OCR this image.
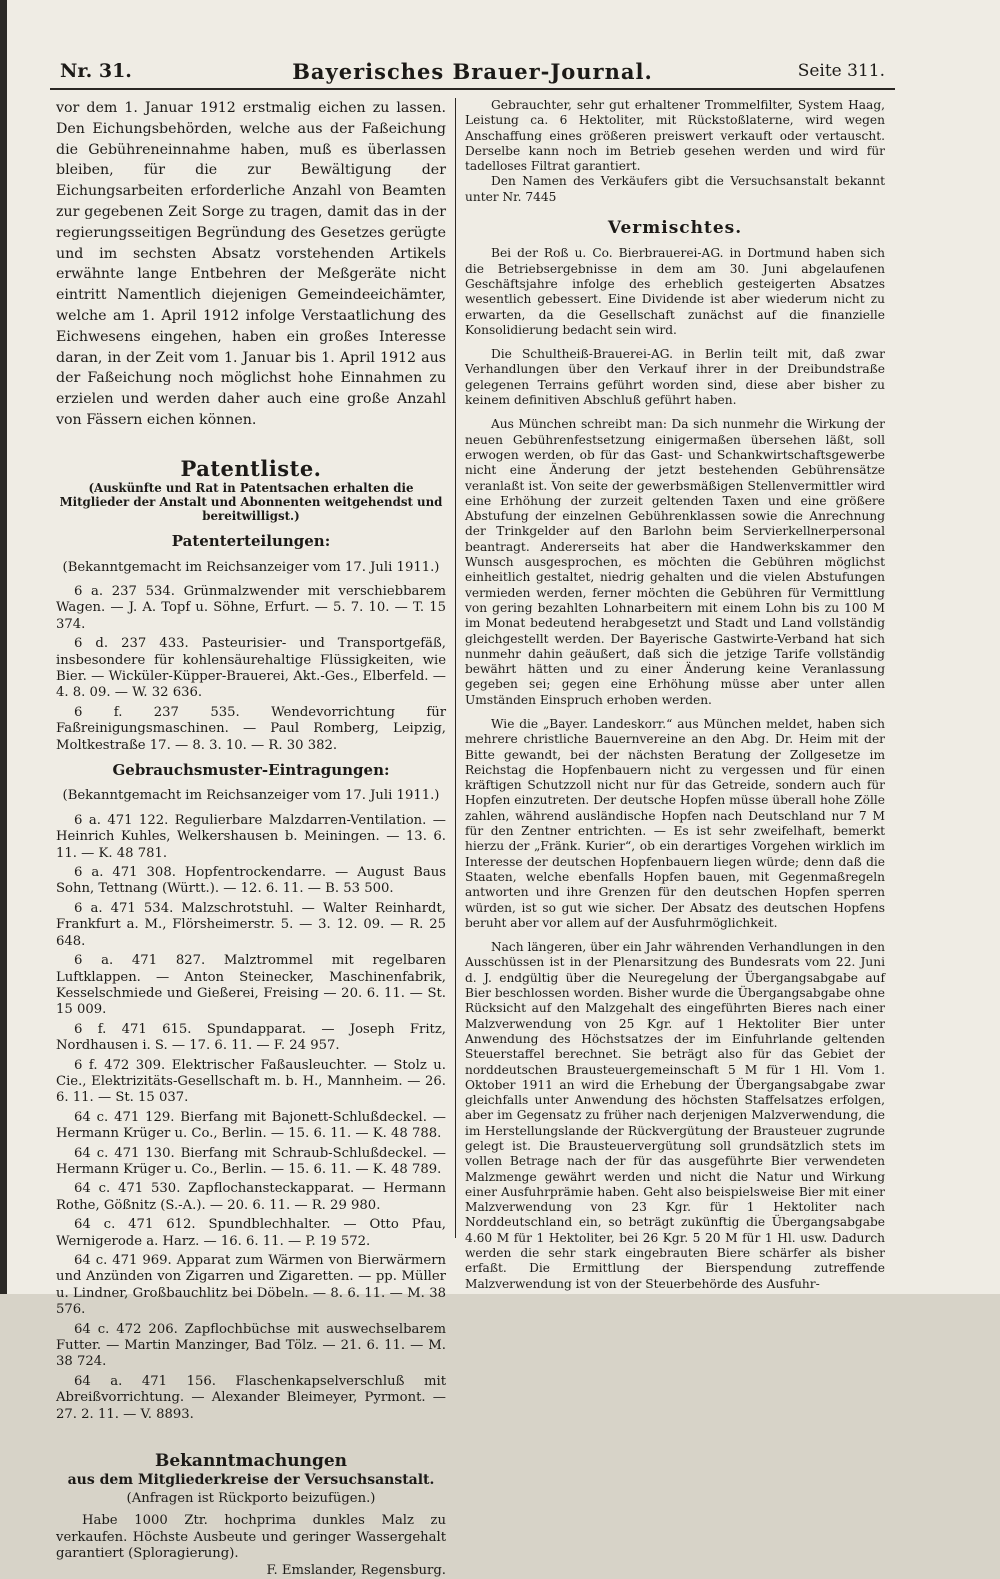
Nr. 31.	Bayerisches Brauer-Journal.	Seite 311.

vor dem 1. Januar 1912 erstmalig eichen zu lassen. Den Eichungsbehörden, welche aus der Faßeichung die Gebühreneinnahme haben, muß es überlassen bleiben, für die zur Bewältigung der Eichungsarbeiten erforderliche Anzahl von Beamten zur gegebenen Zeit Sorge zu tragen, damit das in der regierungsseitigen Begründung des Gesetzes gerügte und im sechsten Absatz vorstehenden Artikels erwähnte lange Entbehren der Meßgeräte nicht eintritt Namentlich diejenigen Gemeindeeichämter, welche am 1. April 1912 infolge Verstaatlichung des Eichwesens eingehen, haben ein großes Interesse daran, in der Zeit vom 1. Januar bis 1. April 1912 aus der Faßeichung noch möglichst hohe Einnahmen zu erzielen und werden daher auch eine große Anzahl von Fässern eichen können.

Patentliste.
(Auskünfte und Rat in Patentsachen erhalten die Mitglieder der Anstalt und Abonnenten weitgehendst und bereitwilligst.)
Patenterteilungen:
(Bekanntgemacht im Reichsanzeiger vom 17. Juli 1911.)

6 a. 237 534. Grünmalzwender mit verschiebbarem Wagen. — J. A. Topf u. Söhne, Erfurt. — 5. 7. 10. — T. 15 374.

6 d. 237 433. Pasteurisier- und Transportgefäß, insbesondere für kohlensäurehaltige Flüssigkeiten, wie Bier. — Wicküler-Küpper-Brauerei, Akt.-Ges., Elberfeld. — 4. 8. 09. — W. 32 636.

6 f. 237 535. Wendevorrichtung für Faßreinigungsmaschinen. — Paul Romberg, Leipzig, Moltkestraße 17. — 8. 3. 10. — R. 30 382.

Gebrauchsmuster-Eintragungen:
(Bekanntgemacht im Reichsanzeiger vom 17. Juli 1911.)

6 a. 471 122. Regulierbare Malzdarren-Ventilation. — Heinrich Kuhles, Welkershausen b. Meiningen. — 13. 6. 11. — K. 48 781.

6 a. 471 308. Hopfentrockendarre. — August Baus Sohn, Tettnang (Württ.). — 12. 6. 11. — B. 53 500.

6 a. 471 534. Malzschrotstuhl. — Walter Reinhardt, Frankfurt a. M., Flörsheimerstr. 5. — 3. 12. 09. — R. 25 648.

6 a. 471 827. Malztrommel mit regelbaren Luftklappen. — Anton Steinecker, Maschinenfabrik, Kesselschmiede und Gießerei, Freising — 20. 6. 11. — St. 15 009.

6 f. 471 615. Spundapparat. — Joseph Fritz, Nordhausen i. S. — 17. 6. 11. — F. 24 957.

6 f. 472 309. Elektrischer Faßausleuchter. — Stolz u. Cie., Elektrizitäts-Gesellschaft m. b. H., Mannheim. — 26. 6. 11. — St. 15 037.

64 c. 471 129. Bierfang mit Bajonett-Schlußdeckel. — Hermann Krüger u. Co., Berlin. — 15. 6. 11. — K. 48 788.

64 c. 471 130. Bierfang mit Schraub-Schlußdeckel. — Hermann Krüger u. Co., Berlin. — 15. 6. 11. — K. 48 789.

64 c. 471 530. Zapflochansteckapparat. — Hermann Rothe, Gößnitz (S.-A.). — 20. 6. 11. — R. 29 980.

64 c. 471 612. Spundblechhalter. — Otto Pfau, Wernigerode a. Harz. — 16. 6. 11. — P. 19 572.

64 c. 471 969. Apparat zum Wärmen von Bierwärmern und Anzünden von Zigarren und Zigaretten. — pp. Müller u. Lindner, Großbauchlitz bei Döbeln. — 8. 6. 11. — M. 38 576.

64 c. 472 206. Zapflochbüchse mit auswechselbarem Futter. — Martin Manzinger, Bad Tölz. — 21. 6. 11. — M. 38 724.

64 a. 471 156. Flaschenkapselverschluß mit Abreißvorrichtung. — Alexander Bleimeyer, Pyrmont. — 27. 2. 11. — V. 8893.

Bekanntmachungen
aus dem Mitgliederkreise der Versuchsanstalt.
(Anfragen ist Rückporto beizufügen.)

Habe 1000 Ztr. hochprima dunkles Malz zu verkaufen. Höchste Ausbeute und geringer Wassergehalt garantiert (Sploragierung).

F. Emslander, Regensburg.

Gebrauchter, sehr gut erhaltener Trommelfilter, System Haag, Leistung ca. 6 Hektoliter, mit Rückstoßlaterne, wird wegen Anschaffung eines größeren preiswert verkauft oder vertauscht. Derselbe kann noch im Betrieb gesehen werden und wird für tadelloses Filtrat garantiert.

Den Namen des Verkäufers gibt die Versuchsanstalt bekannt unter Nr. 7445

Vermischtes.

Bei der Roß u. Co. Bierbrauerei-AG. in Dortmund haben sich die Betriebsergebnisse in dem am 30. Juni abgelaufenen Geschäftsjahre infolge des erheblich gesteigerten Absatzes wesentlich gebessert. Eine Dividende ist aber wiederum nicht zu erwarten, da die Gesellschaft zunächst auf die finanzielle Konsolidierung bedacht sein wird.

Die Schultheiß-Brauerei-AG. in Berlin teilt mit, daß zwar Verhandlungen über den Verkauf ihrer in der Dreibundstraße gelegenen Terrains geführt worden sind, diese aber bisher zu keinem definitiven Abschluß geführt haben.

Aus München schreibt man: Da sich nunmehr die Wirkung der neuen Gebührenfestsetzung einigermaßen übersehen läßt, soll erwogen werden, ob für das Gast- und Schankwirtschaftsgewerbe nicht eine Änderung der jetzt bestehenden Gebührensätze veranlaßt ist. Von seite der gewerbsmäßigen Stellenvermittler wird eine Erhöhung der zurzeit geltenden Taxen und eine größere Abstufung der einzelnen Gebührenklassen sowie die Anrechnung der Trinkgelder auf den Barlohn beim Servierkellnerpersonal beantragt. Andererseits hat aber die Handwerkskammer den Wunsch ausgesprochen, es möchten die Gebühren möglichst einheitlich gestaltet, niedrig gehalten und die vielen Abstufungen vermieden werden, ferner möchten die Gebühren für Vermittlung von gering bezahlten Lohnarbeitern mit einem Lohn bis zu 100 M im Monat bedeutend herabgesetzt und Stadt und Land vollständig gleichgestellt werden. Der Bayerische Gastwirte-Verband hat sich nunmehr dahin geäußert, daß sich die jetzige Tarife vollständig bewährt hätten und zu einer Änderung keine Veranlassung gegeben sei; gegen eine Erhöhung müsse aber unter allen Umständen Einspruch erhoben werden.

Wie die „Bayer. Landeskorr.“ aus München meldet, haben sich mehrere christliche Bauernvereine an den Abg. Dr. Heim mit der Bitte gewandt, bei der nächsten Beratung der Zollgesetze im Reichstag die Hopfenbauern nicht zu vergessen und für einen kräftigen Schutzzoll nicht nur für das Getreide, sondern auch für Hopfen einzutreten. Der deutsche Hopfen müsse überall hohe Zölle zahlen, während ausländische Hopfen nach Deutschland nur 7 M für den Zentner entrichten. — Es ist sehr zweifelhaft, bemerkt hierzu der „Fränk. Kurier“, ob ein derartiges Vorgehen wirklich im Interesse der deutschen Hopfenbauern liegen würde; denn daß die Staaten, welche ebenfalls Hopfen bauen, mit Gegenmaßregeln antworten und ihre Grenzen für den deutschen Hopfen sperren würden, ist so gut wie sicher. Der Absatz des deutschen Hopfens beruht aber vor allem auf der Ausfuhrmöglichkeit.

Nach längeren, über ein Jahr währenden Verhandlungen in den Ausschüssen ist in der Plenarsitzung des Bundesrats vom 22. Juni d. J. endgültig über die Neuregelung der Übergangsabgabe auf Bier beschlossen worden. Bisher wurde die Übergangsabgabe ohne Rücksicht auf den Malzgehalt des eingeführten Bieres nach einer Malzverwendung von 25 Kgr. auf 1 Hektoliter Bier unter Anwendung des Höchstsatzes der im Einfuhrlande geltenden Steuerstaffel berechnet. Sie beträgt also für das Gebiet der norddeutschen Brausteuergemeinschaft 5 M für 1 Hl. Vom 1. Oktober 1911 an wird die Erhebung der Übergangsabgabe zwar gleichfalls unter Anwendung des höchsten Staffelsatzes erfolgen, aber im Gegensatz zu früher nach derjenigen Malzverwendung, die im Herstellungslande der Rückvergütung der Brausteuer zugrunde gelegt ist. Die Brausteuervergütung soll grundsätzlich stets im vollen Betrage nach der für das ausgeführte Bier verwendeten Malzmenge gewährt werden und nicht die Natur und Wirkung einer Ausfuhrprämie haben. Geht also beispielsweise Bier mit einer Malzverwendung von 23 Kgr. für 1 Hektoliter nach Norddeutschland ein, so beträgt zukünftig die Übergangsabgabe 4.60 M für 1 Hektoliter, bei 26 Kgr. 5 20 M für 1 Hl. usw. Dadurch werden die sehr stark eingebrauten Biere schärfer als bisher erfaßt. Die Ermittlung der Bierspendung zutreffende Malzverwendung ist von der Steuerbehörde des Ausfuhr-
